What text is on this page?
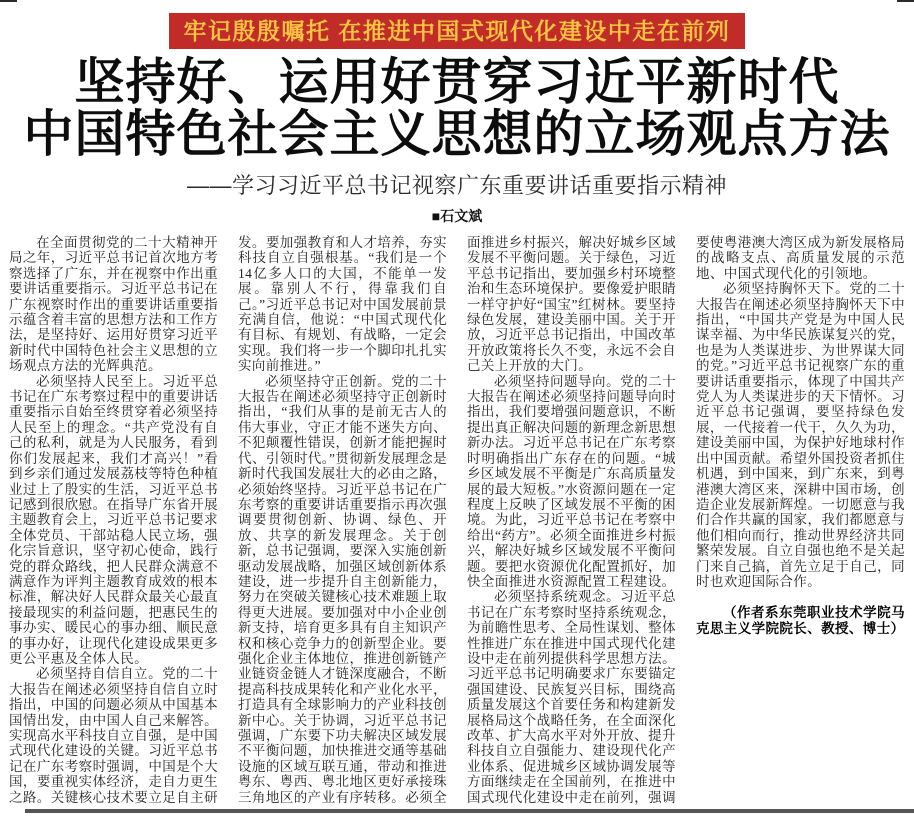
牢记殷殷嘱托 在推进中国式现代化建设中走在前列
坚持好、运用好贯穿习近平新时代
中国特色社会主义思想的立场观点方法
——学习习近平总书记视察广东重要讲话重要指示精神
■石文斌

在全面贯彻党的二十大精神开局之年，习近平总书记首次地方考察选择了广东，并在视察中作出重要讲话重要指示。习近平总书记在广东视察时作出的重要讲话重要指示蕴含着丰富的思想方法和工作方法，是坚持好、运用好贯穿习近平新时代中国特色社会主义思想的立场观点方法的光辉典范。

必须坚持人民至上。习近平总书记在广东考察过程中的重要讲话重要指示自始至终贯穿着必须坚持人民至上的理念。“共产党没有自己的私利，就是为人民服务，看到你们发展起来，我们才高兴！”看到乡亲们通过发展荔枝等特色种植业过上了殷实的生活，习近平总书记感到很欣慰。在指导广东省开展主题教育会上，习近平总书记要求全体党员、干部站稳人民立场，强化宗旨意识，坚守初心使命，践行党的群众路线，把人民群众满意不满意作为评判主题教育成效的根本标准，解决好人民群众最关心最直接最现实的利益问题，把惠民生的事办实、暖民心的事办细、顺民意的事办好，让现代化建设成果更多更公平惠及全体人民。

必须坚持自信自立。党的二十大报告在阐述必须坚持自信自立时指出，中国的问题必须从中国基本国情出发，由中国人自己来解答。实现高水平科技自立自强，是中国式现代化建设的关键。习近平总书记在广东考察时强调，中国是个大国，要重视实体经济，走自力更生之路。关键核心技术要立足自主研发。要加强教育和人才培养，夯实科技自立自强根基。“我们是一个14亿多人口的大国，不能单一发展。靠别人不行，得靠我们自己。”习近平总书记对中国发展前景充满自信，他说：“中国式现代化有目标、有规划、有战略，一定会实现。我们将一步一个脚印扎扎实实向前推进。”

必须坚持守正创新。党的二十大报告在阐述必须坚持守正创新时指出，“我们从事的是前无古人的伟大事业，守正才能不迷失方向、不犯颠覆性错误，创新才能把握时代、引领时代。”贯彻新发展理念是新时代我国发展壮大的必由之路，必须始终坚持。习近平总书记在广东考察的重要讲话重要指示再次强调要贯彻创新、协调、绿色、开放、共享的新发展理念。关于创新，总书记强调，要深入实施创新驱动发展战略，加强区域创新体系建设，进一步提升自主创新能力，努力在突破关键核心技术难题上取得更大进展。要加强对中小企业创新支持，培育更多具有自主知识产权和核心竞争力的创新型企业。要强化企业主体地位，推进创新链产业链资金链人才链深度融合，不断提高科技成果转化和产业化水平，打造具有全球影响力的产业科技创新中心。关于协调，习近平总书记强调，广东要下功夫解决区域发展不平衡问题，加快推进交通等基础设施的区域互联互通，带动和推进粤东、粤西、粤北地区更好承接珠三角地区的产业有序转移。必须全面推进乡村振兴，解决好城乡区域发展不平衡问题。关于绿色，习近平总书记指出，要加强乡村环境整治和生态环境保护。要像爱护眼睛一样守护好“国宝”红树林。要坚持绿色发展，建设美丽中国。关于开放，习近平总书记指出，中国改革开放政策将长久不变，永远不会自己关上开放的大门。

必须坚持问题导向。党的二十大报告在阐述必须坚持问题导向时指出，我们要增强问题意识，不断提出真正解决问题的新理念新思想新办法。习近平总书记在广东考察时明确指出广东存在的问题。“城乡区域发展不平衡是广东高质量发展的最大短板。”水资源问题在一定程度上反映了区域发展不平衡的困境。为此，习近平总书记在考察中给出“药方”。必须全面推进乡村振兴，解决好城乡区域发展不平衡问题。要把水资源优化配置抓好，加快全面推进水资源配置工程建设。

必须坚持系统观念。习近平总书记在广东考察时坚持系统观念，为前瞻性思考、全局性谋划、整体性推进广东在推进中国式现代化建设中走在前列提供科学思想方法。习近平总书记明确要求广东要锚定强国建设、民族复兴目标，围绕高质量发展这个首要任务和构建新发展格局这个战略任务，在全面深化改革、扩大高水平对外开放、提升科技自立自强能力、建设现代化产业体系、促进城乡区域协调发展等方面继续走在全国前列，在推进中国式现代化建设中走在前列，强调要使粤港澳大湾区成为新发展格局的战略支点、高质量发展的示范地、中国式现代化的引领地。

必须坚持胸怀天下。党的二十大报告在阐述必须坚持胸怀天下中指出，“中国共产党是为中国人民谋幸福、为中华民族谋复兴的党，也是为人类谋进步、为世界谋大同的党。”习近平总书记视察广东的重要讲话重要指示，体现了中国共产党人为人类谋进步的天下情怀。习近平总书记强调，要坚持绿色发展，一代接着一代干，久久为功，建设美丽中国，为保护好地球村作出中国贡献。希望外国投资者抓住机遇，到中国来，到广东来，到粤港澳大湾区来，深耕中国市场，创造企业发展新辉煌。一切愿意与我们合作共赢的国家，我们都愿意与他们相向而行，推动世界经济共同繁荣发展。自立自强也绝不是关起门来自己搞，首先立足于自己，同时也欢迎国际合作。

（作者系东莞职业技术学院马克思主义学院院长、教授、博士）
